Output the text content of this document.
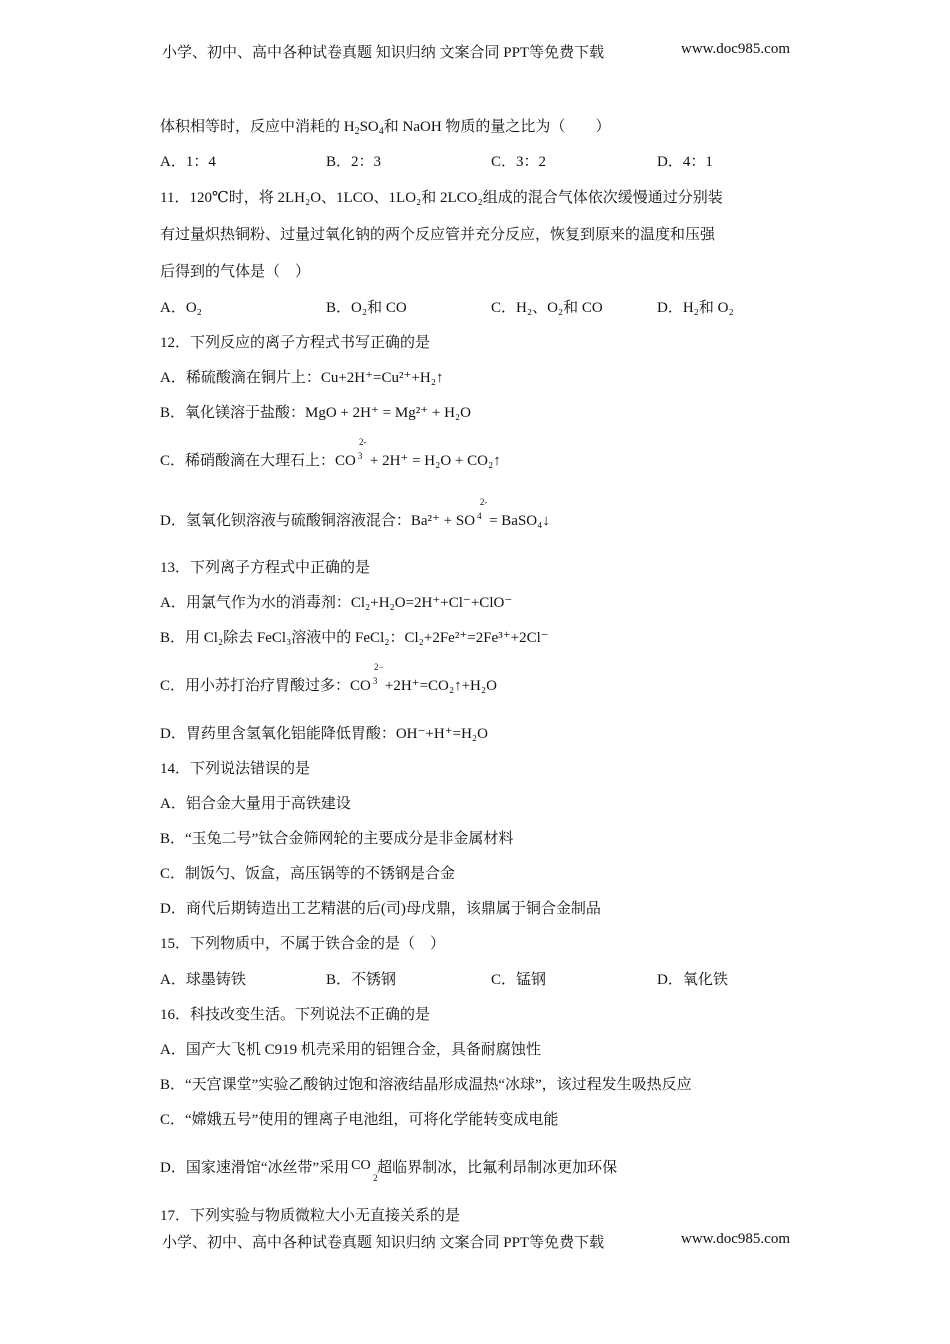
小学、初中、高中各种试卷真题 知识归纳 文案合同 PPT等免费下载	www.doc985.com
体积相等时，反应中消耗的 $H_2SO_4$和 NaOH 物质的量之比为（　　）
A．1：4	B．2：3	C．3：2	D．4：1
11．120℃时，将 2LH₂O、1LCO、1LO₂和 2LCO₂组成的混合气体依次缓慢通过分别装
有过量炽热铜粉、过量过氧化钠的两个反应管并充分反应，恢复到原来的温度和压强
后得到的气体是（　）
A．O₂	B．O₂和 CO	C．H₂、O₂和 CO	D．H₂和 O₂
12．下列反应的离子方程式书写正确的是
A．稀硫酸滴在铜片上：Cu+2H⁺=Cu²⁺+H₂↑
B．氧化镁溶于盐酸：MgO + 2H⁺ = Mg²⁺ + H₂O
C．稀硝酸滴在大理石上：CO
2-
$^3$ + 2H⁺ = H₂O + CO₂↑
D．氢氧化钡溶液与硫酸铜溶液混合：Ba²⁺ + SO
2-
$^4$ = BaSO₄↓
13．下列离子方程式中正确的是
A．用氯气作为水的消毒剂：Cl₂+H₂O=2H⁺+Cl⁻+ClO⁻
B．用 Cl₂除去 FeCl₃溶液中的 FeCl₂：Cl₂+2Fe²⁺=2Fe³⁺+2Cl⁻
C．用小苏打治疗胃酸过多：CO
2−
$^3$ +2H⁺=CO₂↑+H₂O
D．胃药里含氢氧化铝能降低胃酸：OH⁻+H⁺=H₂O
14．下列说法错误的是
A．铝合金大量用于高铁建设
B．“玉兔二号”钛合金筛网轮的主要成分是非金属材料
C．制饭勺、饭盒，高压锅等的不锈钢是合金
D．商代后期铸造出工艺精湛的后(司)母戊鼎，该鼎属于铜合金制品
15．下列物质中，不属于铁合金的是（　）
A．球墨铸铁	B．不锈钢	C．锰钢	D．氧化铁
16．科技改变生活。下列说法不正确的是
A．国产大飞机 C919 机壳采用的铝锂合金，具备耐腐蚀性
B．“天宫课堂”实验乙酸钠过饱和溶液结晶形成温热“冰球”，该过程发生吸热反应
C．“嫦娥五号”使用的锂离子电池组，可将化学能转变成电能
D．国家速滑馆“冰丝带”采用 CO
2
超临界制冰，比氟利昂制冰更加环保
17．下列实验与物质微粒大小无直接关系的是
小学、初中、高中各种试卷真题 知识归纳 文案合同 PPT等免费下载	www.doc985.com
